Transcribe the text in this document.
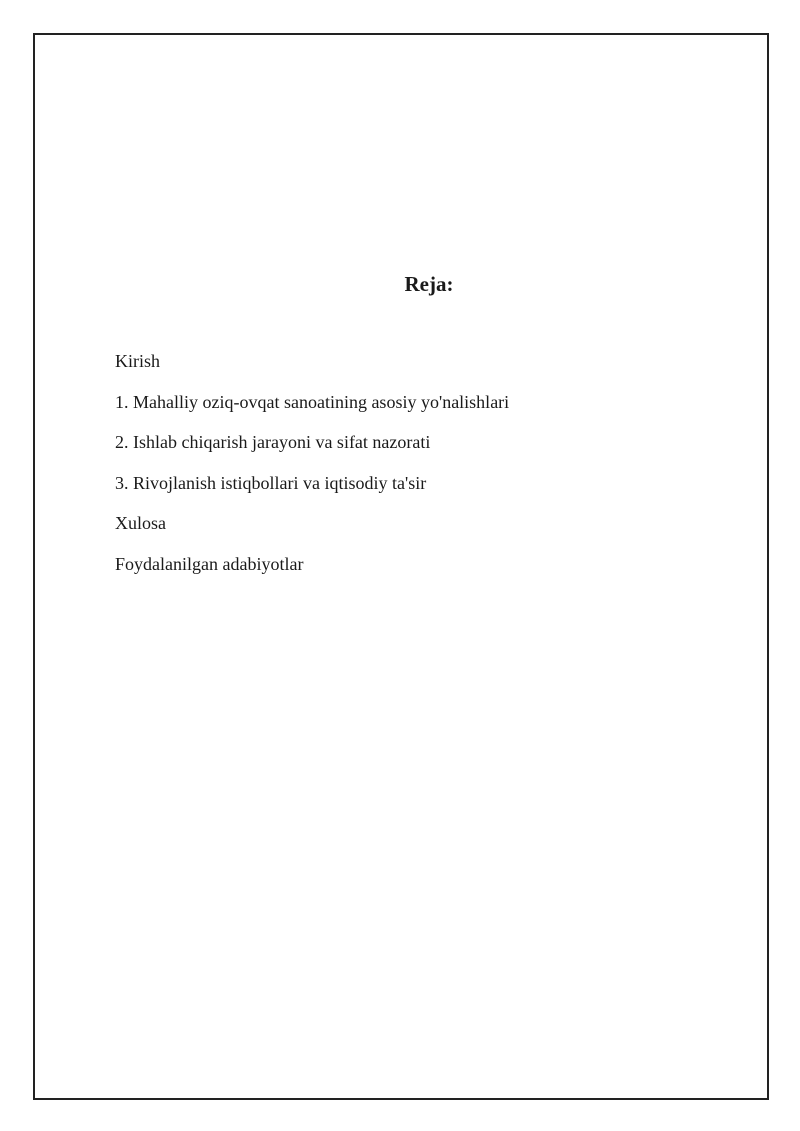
Reja:
Kirish
1. Mahalliy oziq-ovqat sanoatining asosiy yo'nalishlari
2. Ishlab chiqarish jarayoni va sifat nazorati
3. Rivojlanish istiqbollari va iqtisodiy ta'sir
Xulosa
Foydalanilgan adabiyotlar
